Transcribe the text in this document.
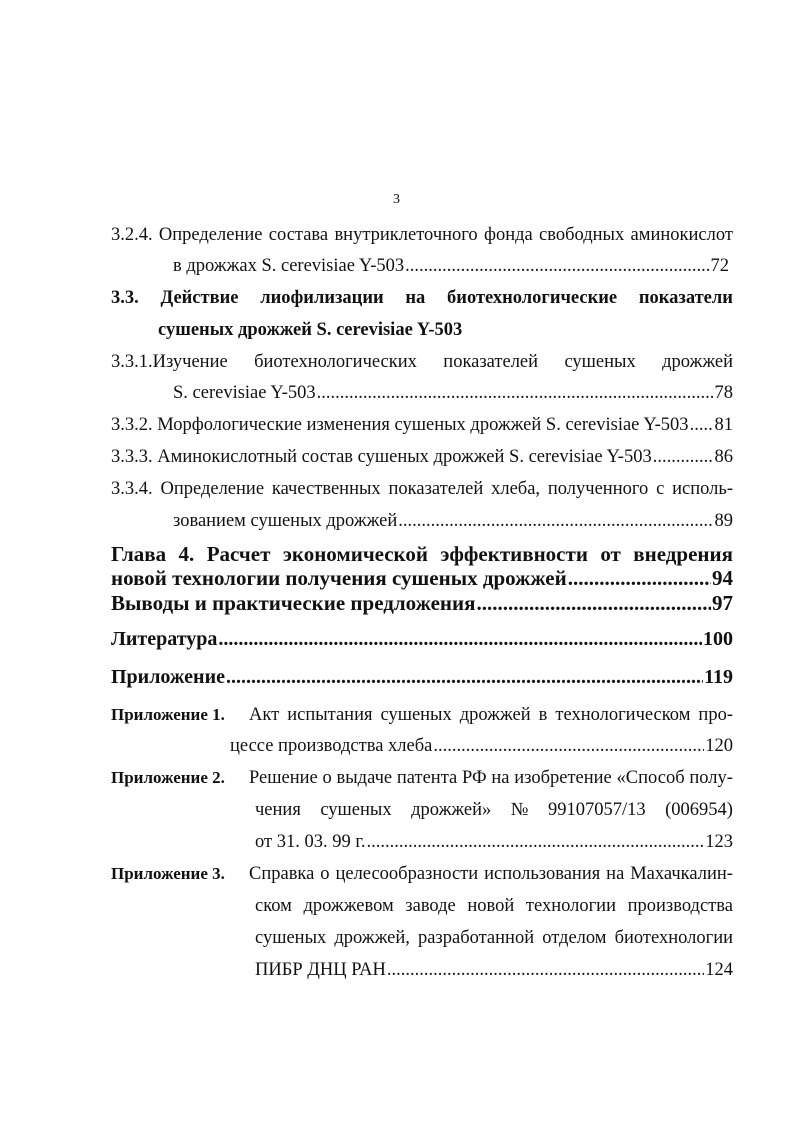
3
3.2.4. Определение состава внутриклеточного фонда свободных аминокислот
в дрожжах S. cerevisiae Y-503 .....	72
3.3. Действие лиофилизации на биотехнологические показатели
сушеных дрожжей S. cerevisiae Y-503
3.3.1.Изучение биотехнологических показателей сушеных дрожжей
S. cerevisiae Y-503 .....	78
3.3.2. Морфологические изменения сушеных дрожжей S. cerevisiae Y-503 ..... 81
3.3.3. Аминокислотный состав сушеных дрожжей S. cerevisiae Y-503 .....	86
3.3.4. Определение качественных показателей хлеба, полученного с исполь-
зованием сушеных дрожжей .....	89
Глава 4. Расчет экономической эффективности от внедрения
новой технологии получения сушеных дрожжей .....	94
Выводы и практические предложения .....	97
Литература .....	100
Приложение .....	119
Приложение 1. Акт испытания сушеных дрожжей в технологическом про-
цессе производства хлеба .....	120
Приложение 2. Решение о выдаче патента РФ на изобретение «Способ полу-
чения сушеных дрожжей» № 99107057/13 (006954)
от 31. 03. 99 г. .....	123
Приложение 3. Справка о целесообразности использования на Махачкалин-
ском дрожжевом заводе новой технологии производства
сушеных дрожжей, разработанной отделом биотехнологии
ПИБР ДНЦ РАН .....	124
